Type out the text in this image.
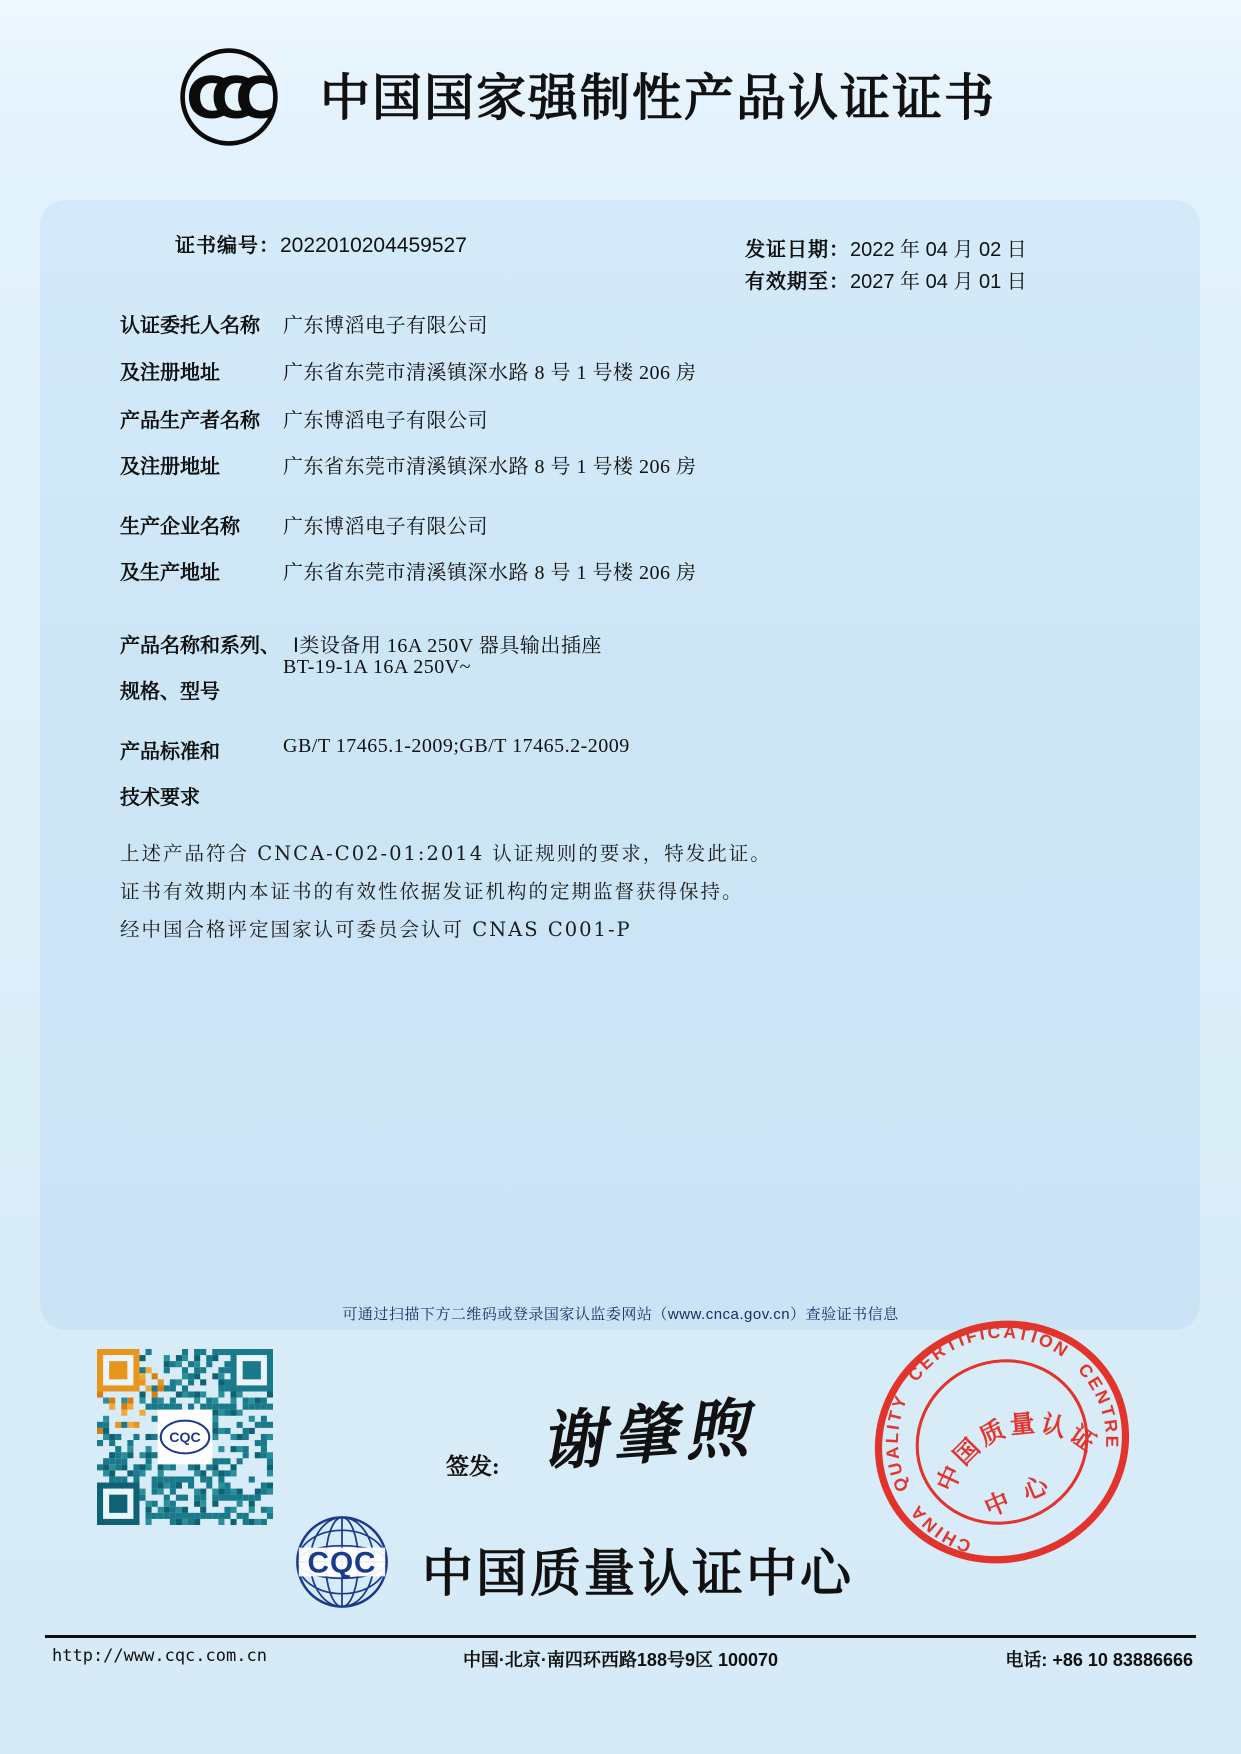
CCC 中国国家强制性产品认证证书
证书编号：2022010204459527	发证日期：2022 年 04 月 02 日
有效期至：2027 年 04 月 01 日
认证委托人名称 广东博滔电子有限公司
及注册地址	广东省东莞市清溪镇深水路 8 号 1 号楼 206 房
产品生产者名称 广东博滔电子有限公司
及注册地址	广东省东莞市清溪镇深水路 8 号 1 号楼 206 房
生产企业名称 广东博滔电子有限公司
及生产地址	广东省东莞市清溪镇深水路 8 号 1 号楼 206 房
产品名称和系列、 Ⅰ类设备用 16A 250V 器具输出插座
BT-19-1A 16A 250V~
规格、型号
产品标准和	GB/T 17465.1-2009;GB/T 17465.2-2009
技术要求
上述产品符合 CNCA-C02-01:2014 认证规则的要求，特发此证。
证书有效期内本证书的有效性依据发证机构的定期监督获得保持。
经中国合格评定国家认可委员会认可 CNAS C001-P
可通过扫描下方二维码或登录国家认监委网站（www.cnca.gov.cn）查验证书信息
CQC
签发: 谢肇煦
CQC 中国质量认证中心
CHINA QUALITY CERTIFICATION CENTRE
中国质量认证
中心
http://www.cqc.com.cn	中国·北京·南四环西路188号9区 100070	电话: +86 10 83886666
